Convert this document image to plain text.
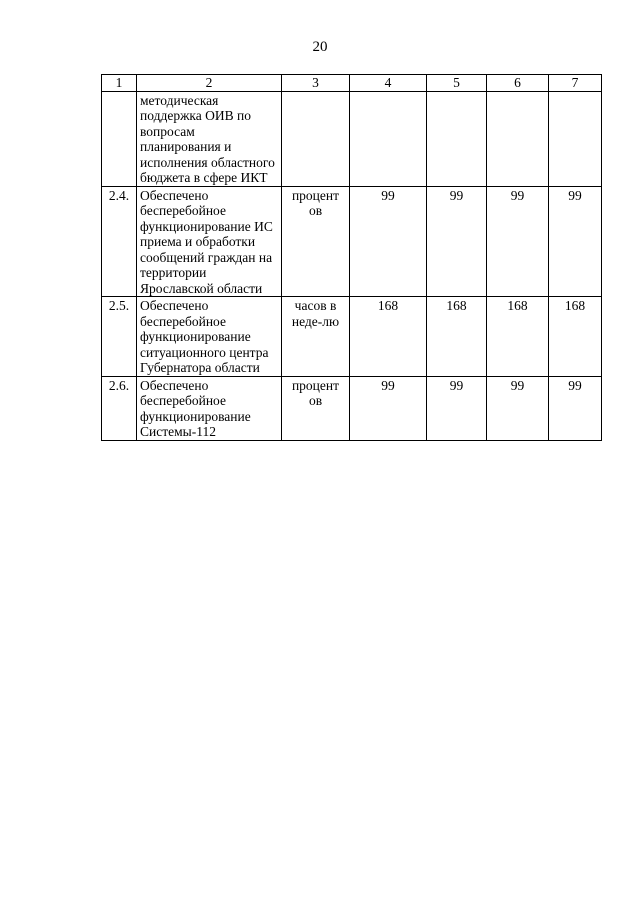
20
1	2	3	4	5	6	7
	методическая поддержка ОИВ по вопросам планирования и исполнения областного бюджета в сфере ИКТ					
2.4.	Обеспечено бесперебойное функционирование ИС приема и обработки сообщений граждан на территории Ярославской области	процент ов	99	99	99	99
2.5.	Обеспечено бесперебойное функционирование ситуационного центра Губернатора области	часов в неде-лю	168	168	168	168
2.6.	Обеспечено бесперебойное функционирование Системы-112	процент ов	99	99	99	99
